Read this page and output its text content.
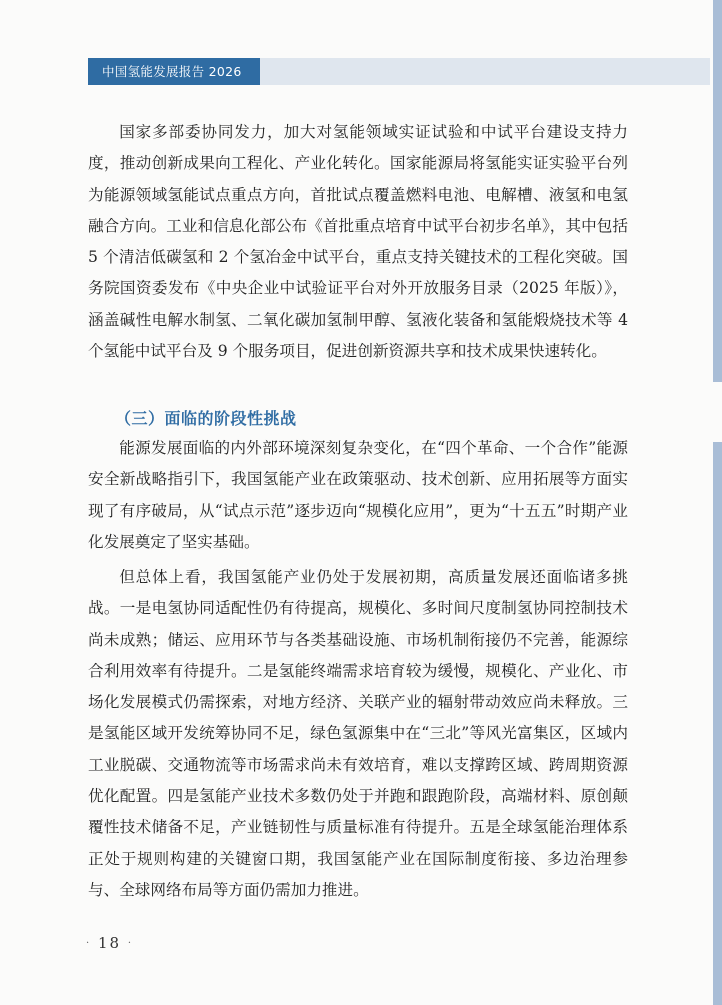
中国氢能发展报告 2026

国家多部委协同发力，加大对氢能领域实证试验和中试平台建设支持力度，推动创新成果向工程化、产业化转化。国家能源局将氢能实证实验平台列为能源领域氢能试点重点方向，首批试点覆盖燃料电池、电解槽、液氢和电氢融合方向。工业和信息化部公布《首批重点培育中试平台初步名单》，其中包括 5 个清洁低碳氢和 2 个氢冶金中试平台，重点支持关键技术的工程化突破。国务院国资委发布《中央企业中试验证平台对外开放服务目录（2025 年版）》，涵盖碱性电解水制氢、二氧化碳加氢制甲醇、氢液化装备和氢能煅烧技术等 4 个氢能中试平台及 9 个服务项目，促进创新资源共享和技术成果快速转化。

（三）面临的阶段性挑战

能源发展面临的内外部环境深刻复杂变化，在“四个革命、一个合作”能源安全新战略指引下，我国氢能产业在政策驱动、技术创新、应用拓展等方面实现了有序破局，从“试点示范”逐步迈向“规模化应用”，更为“十五五”时期产业化发展奠定了坚实基础。

但总体上看，我国氢能产业仍处于发展初期，高质量发展还面临诸多挑战。一是电氢协同适配性仍有待提高，规模化、多时间尺度制氢协同控制技术尚未成熟；储运、应用环节与各类基础设施、市场机制衔接仍不完善，能源综合利用效率有待提升。二是氢能终端需求培育较为缓慢，规模化、产业化、市场化发展模式仍需探索，对地方经济、关联产业的辐射带动效应尚未释放。三是氢能区域开发统筹协同不足，绿色氢源集中在“三北”等风光富集区，区域内工业脱碳、交通物流等市场需求尚未有效培育，难以支撑跨区域、跨周期资源优化配置。四是氢能产业技术多数仍处于并跑和跟跑阶段，高端材料、原创颠覆性技术储备不足，产业链韧性与质量标准有待提升。五是全球氢能治理体系正处于规则构建的关键窗口期，我国氢能产业在国际制度衔接、多边治理参与、全球网络布局等方面仍需加力推进。

· 18 ·
